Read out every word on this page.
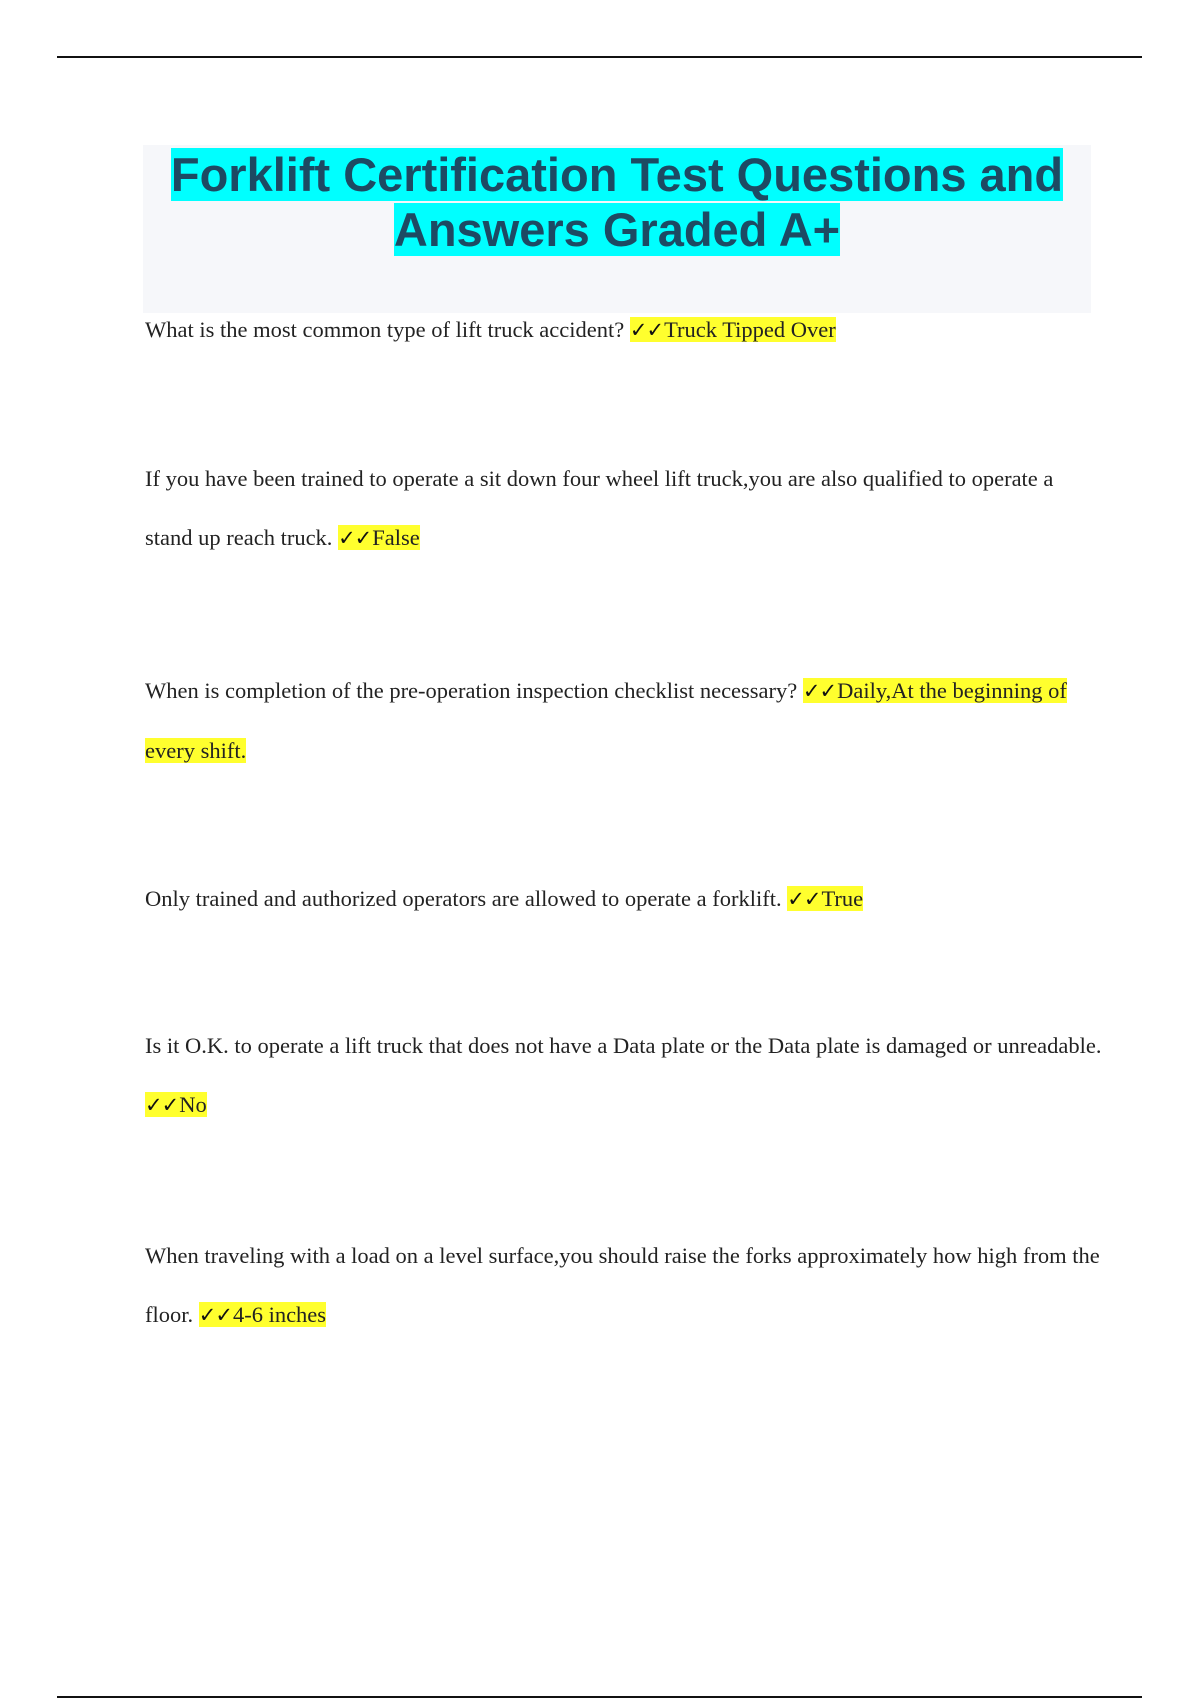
Forklift Certification Test Questions and Answers Graded A+

What is the most common type of lift truck accident? ✓✓Truck Tipped Over

If you have been trained to operate a sit down four wheel lift truck,you are also qualified to operate a stand up reach truck. ✓✓False

When is completion of the pre-operation inspection checklist necessary? ✓✓Daily,At the beginning of every shift.

Only trained and authorized operators are allowed to operate a forklift. ✓✓True

Is it O.K. to operate a lift truck that does not have a Data plate or the Data plate is damaged or unreadable. ✓✓No

When traveling with a load on a level surface,you should raise the forks approximately how high from the floor. ✓✓4-6 inches
